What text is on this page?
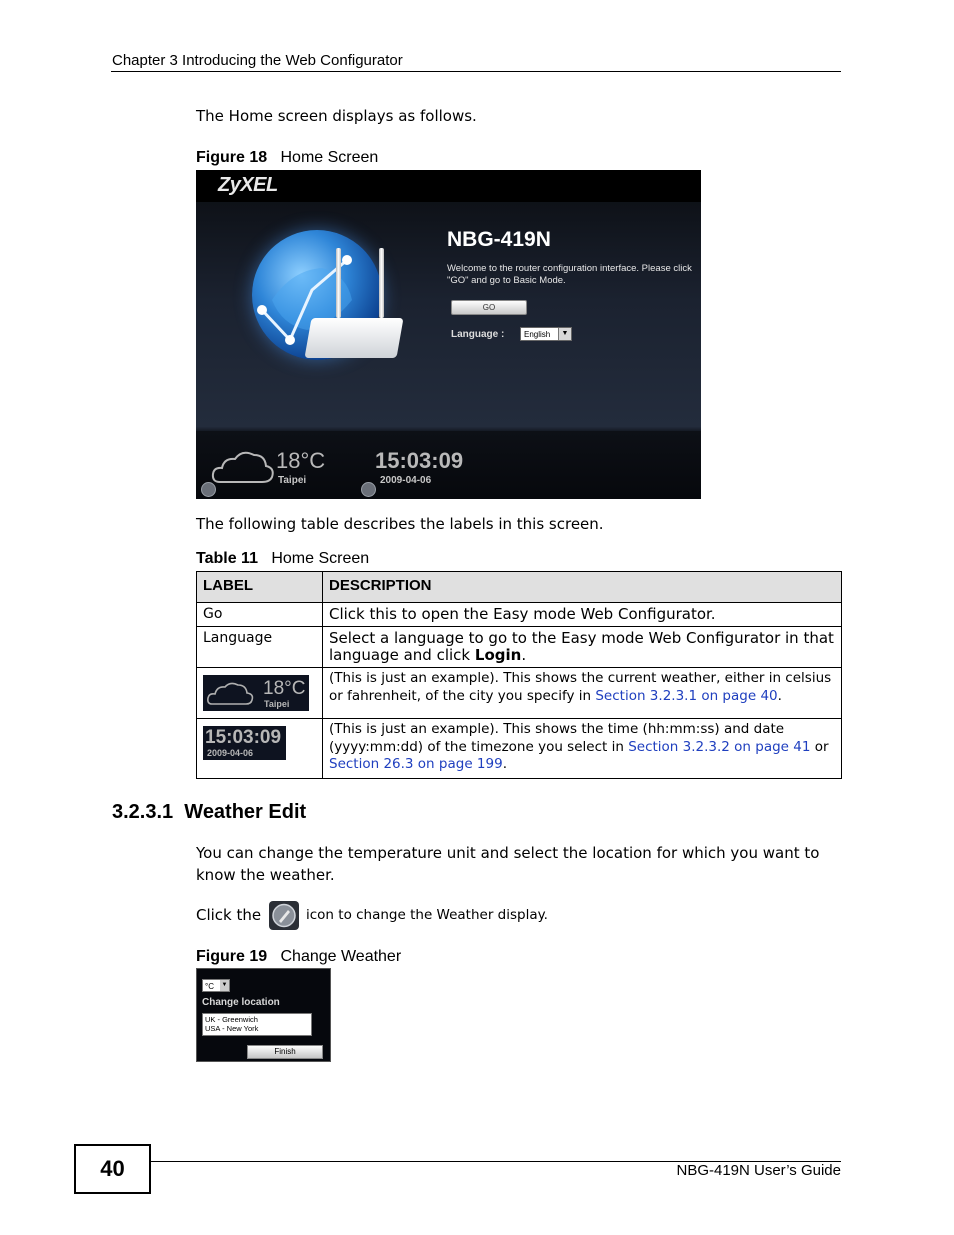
Chapter 3 Introducing the Web Configurator
The Home screen displays as follows.
Figure 18 Home Screen
ZyXEL
NBG-419N
Welcome to the router configuration interface. Please click "GO" and go to Basic Mode.
GO
Language :	English	▼
18°C
Taipei
15:03:09
2009-04-06
The following table describes the labels in this screen.
Table 11 Home Screen
LABEL	DESCRIPTION
Go	Click this to open the Easy mode Web Configurator.
Language	Select a language to go to the Easy mode Web Configurator in that language and click Login.

18°C
Taipei	(This is just an example). This shows the current weather, either in celsius or fahrenheit, of the city you specify in Section 3.2.3.1 on page 40.

15:03:09
2009-04-06	(This is just an example). This shows the time (hh:mm:ss) and date (yyyy:mm:dd) of the timezone you select in Section 3.2.3.2 on page 41 or Section 26.3 on page 199.
3.2.3.1 Weather Edit
You can change the temperature unit and select the location for which you want to know the weather.
Click the	icon to change the Weather display.
Figure 19 Change Weather
°C ▼
Change location
UK - Greenwich
USA - New York
Finish
40	NBG-419N User’s Guide
